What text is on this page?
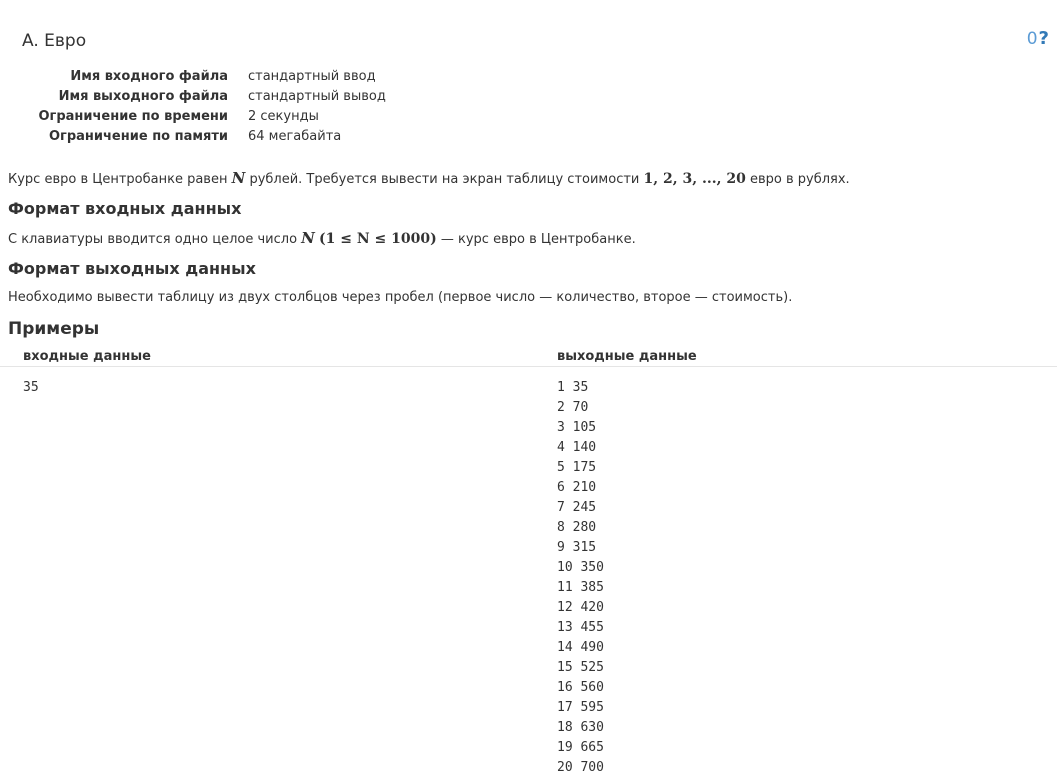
A. Евро	0 ?
Имя входного файла	стандартный ввод
Имя выходного файла	стандартный вывод
Ограничение по времени	2 секунды
Ограничение по памяти	64 мегабайта
Курс евро в Центробанке равен N рублей. Требуется вывести на экран таблицу стоимости 1, 2, 3, ..., 20 евро в рублях.
Формат входных данных
С клавиатуры вводится одно целое число N (1 ≤ N ≤ 1000) — курс евро в Центробанке.
Формат выходных данных
Необходимо вывести таблицу из двух столбцов через пробел (первое число — количество, второе — стоимость).
Примеры
входные данные	выходные данные
35	1 35
2 70
3 105
4 140
5 175
6 210
7 245
8 280
9 315
10 350
11 385
12 420
13 455
14 490
15 525
16 560
17 595
18 630
19 665
20 700
